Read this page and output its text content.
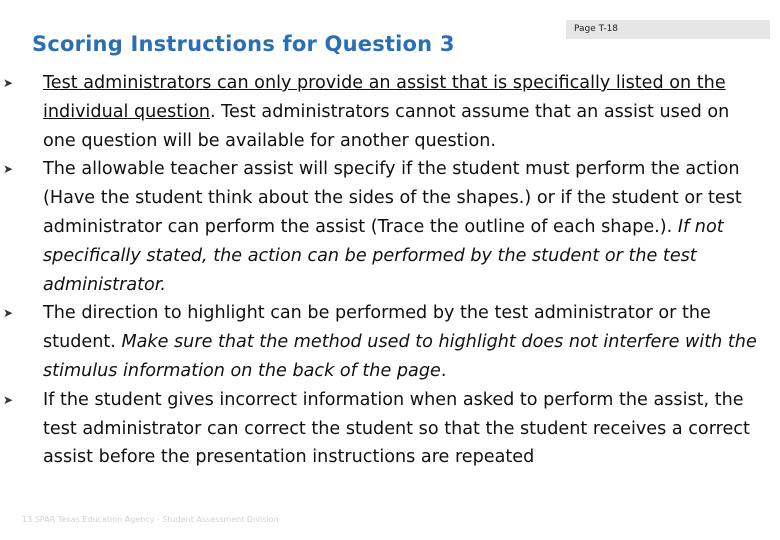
Scoring Instructions for Question 3
Page T-18
➤ Test administrators can only provide an assist that is specifically listed on the individual question. Test administrators cannot assume that an assist used on one question will be available for another question.
➤ The allowable teacher assist will specify if the student must perform the action (Have the student think about the sides of the shapes.) or if the student or test administrator can perform the assist (Trace the outline of each shape.). If not specifically stated, the action can be performed by the student or the test administrator.
➤ The direction to highlight can be performed by the test administrator or the student. Make sure that the method used to highlight does not interfere with the stimulus information on the back of the page.
➤ If the student gives incorrect information when asked to perform the assist, the test administrator can correct the student so that the student receives a correct assist before the presentation instructions are repeated
13 SPAR Texas Education Agency - Student Assessment Division
